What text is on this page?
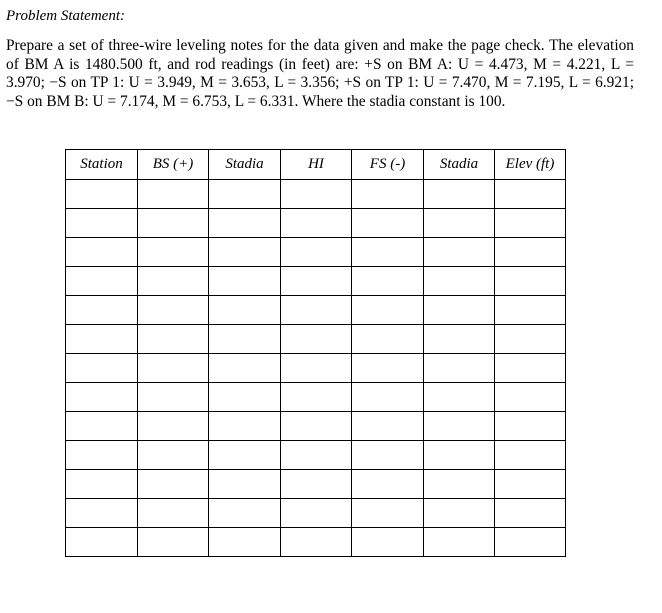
Problem Statement:

Prepare a set of three-wire leveling notes for the data given and make the page check. The elevation of BM A is 1480.500 ft, and rod readings (in feet) are: +S on BM A: U = 4.473, M = 4.221, L = 3.970; −S on TP 1: U = 3.949, M = 3.653, L = 3.356; +S on TP 1: U = 7.470, M = 7.195, L = 6.921; −S on BM B: U = 7.174, M = 6.753, L = 6.331. Where the stadia constant is 100.

Station	BS (+)	Stadia	HI	FS (-)	Stadia	Elev (ft)
